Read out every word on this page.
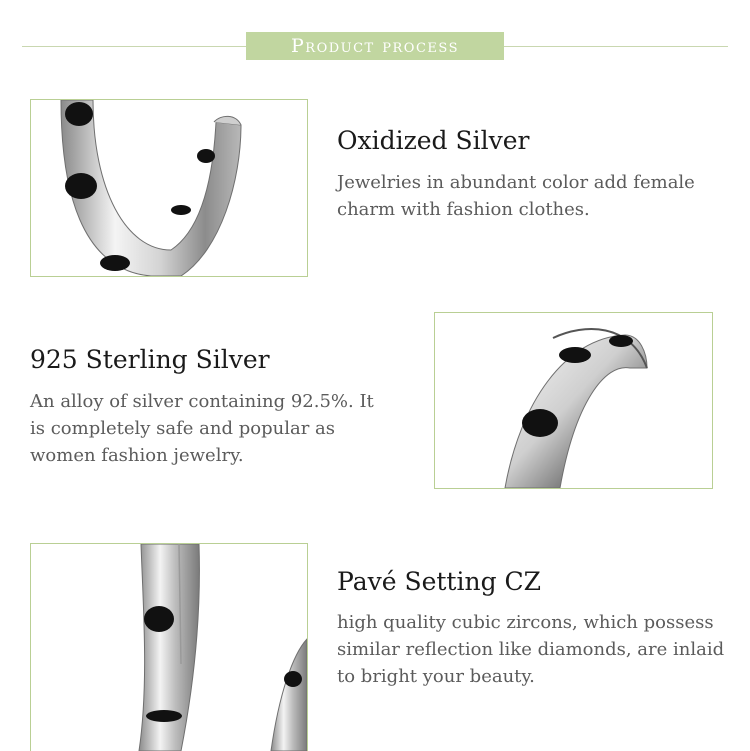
Product process
Oxidized Silver
Jewelries in abundant color add female charm with fashion clothes.
925 Sterling Silver
An alloy of silver containing 92.5%. It is completely safe and popular as women fashion jewelry.
Pavé Setting CZ
high quality cubic zircons, which possess similar reflection like diamonds, are inlaid to bright your beauty.
